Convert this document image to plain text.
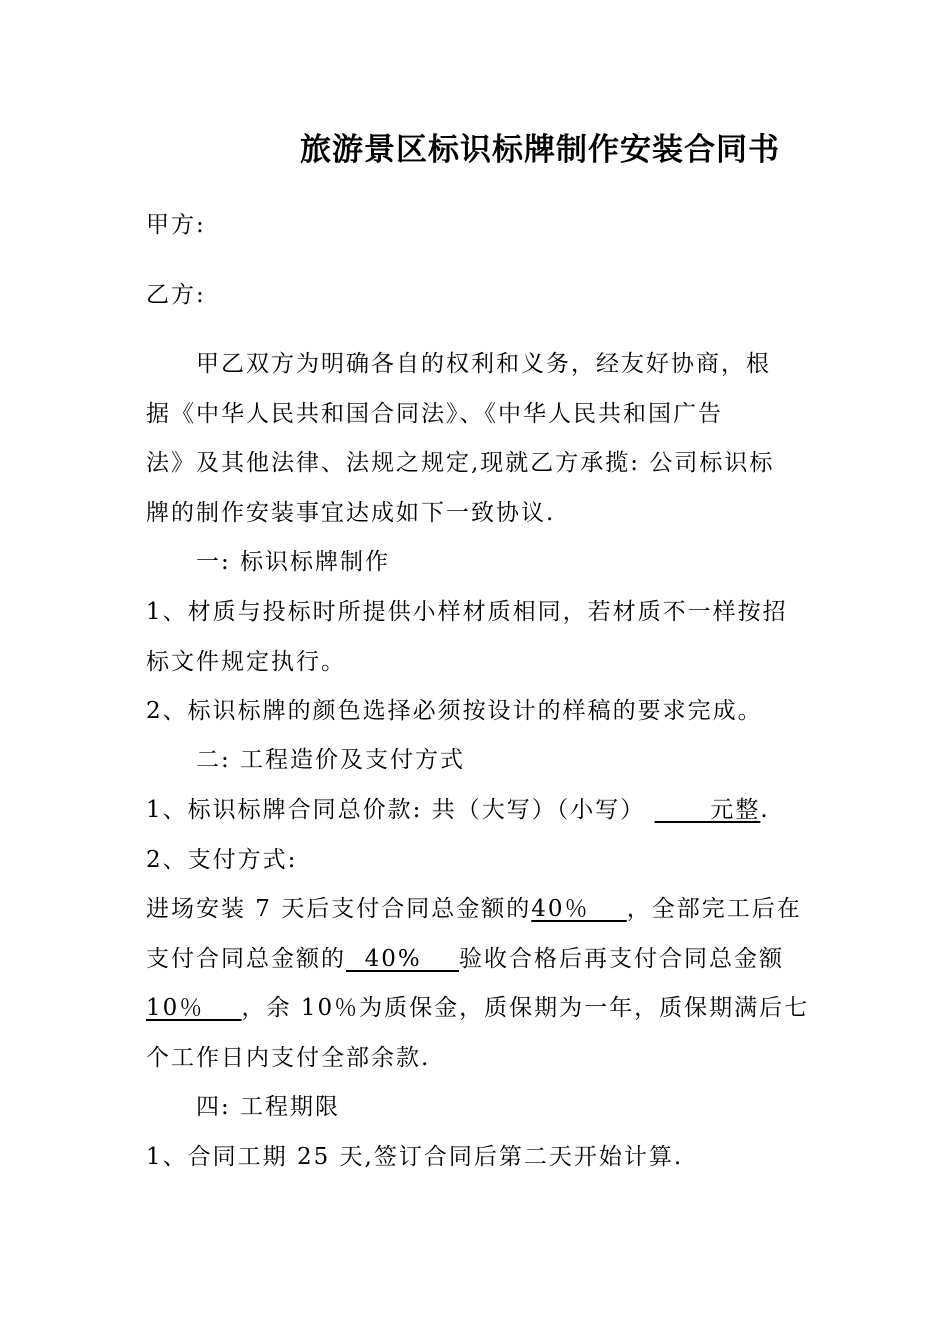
旅游景区标识标牌制作安装合同书
甲方:
乙方:
甲乙双方为明确各自的权利和义务，经友好协商，根
据《中华人民共和国合同法》、《中华人民共和国广告
法》及其他法律、法规之规定,现就乙方承揽: 公司标识标
牌的制作安装事宜达成如下一致协议.
一: 标识标牌制作
1、材质与投标时所提供小样材质相同，若材质不一样按招
标文件规定执行。
2、标识标牌的颜色选择必须按设计的样稿的要求完成。
二: 工程造价及支付方式
1、标识标牌合同总价款: 共（大写）（小写）       元整.
2、支付方式:
进场安装 7 天后支付合同总金额的40％    ，全部完工后在
支付合同总金额的  40%    验收合格后再支付合同总金额
10％    ，余 10％为质保金，质保期为一年，质保期满后七
个工作日内支付全部余款.
四: 工程期限
1、合同工期 25 天,签订合同后第二天开始计算.
